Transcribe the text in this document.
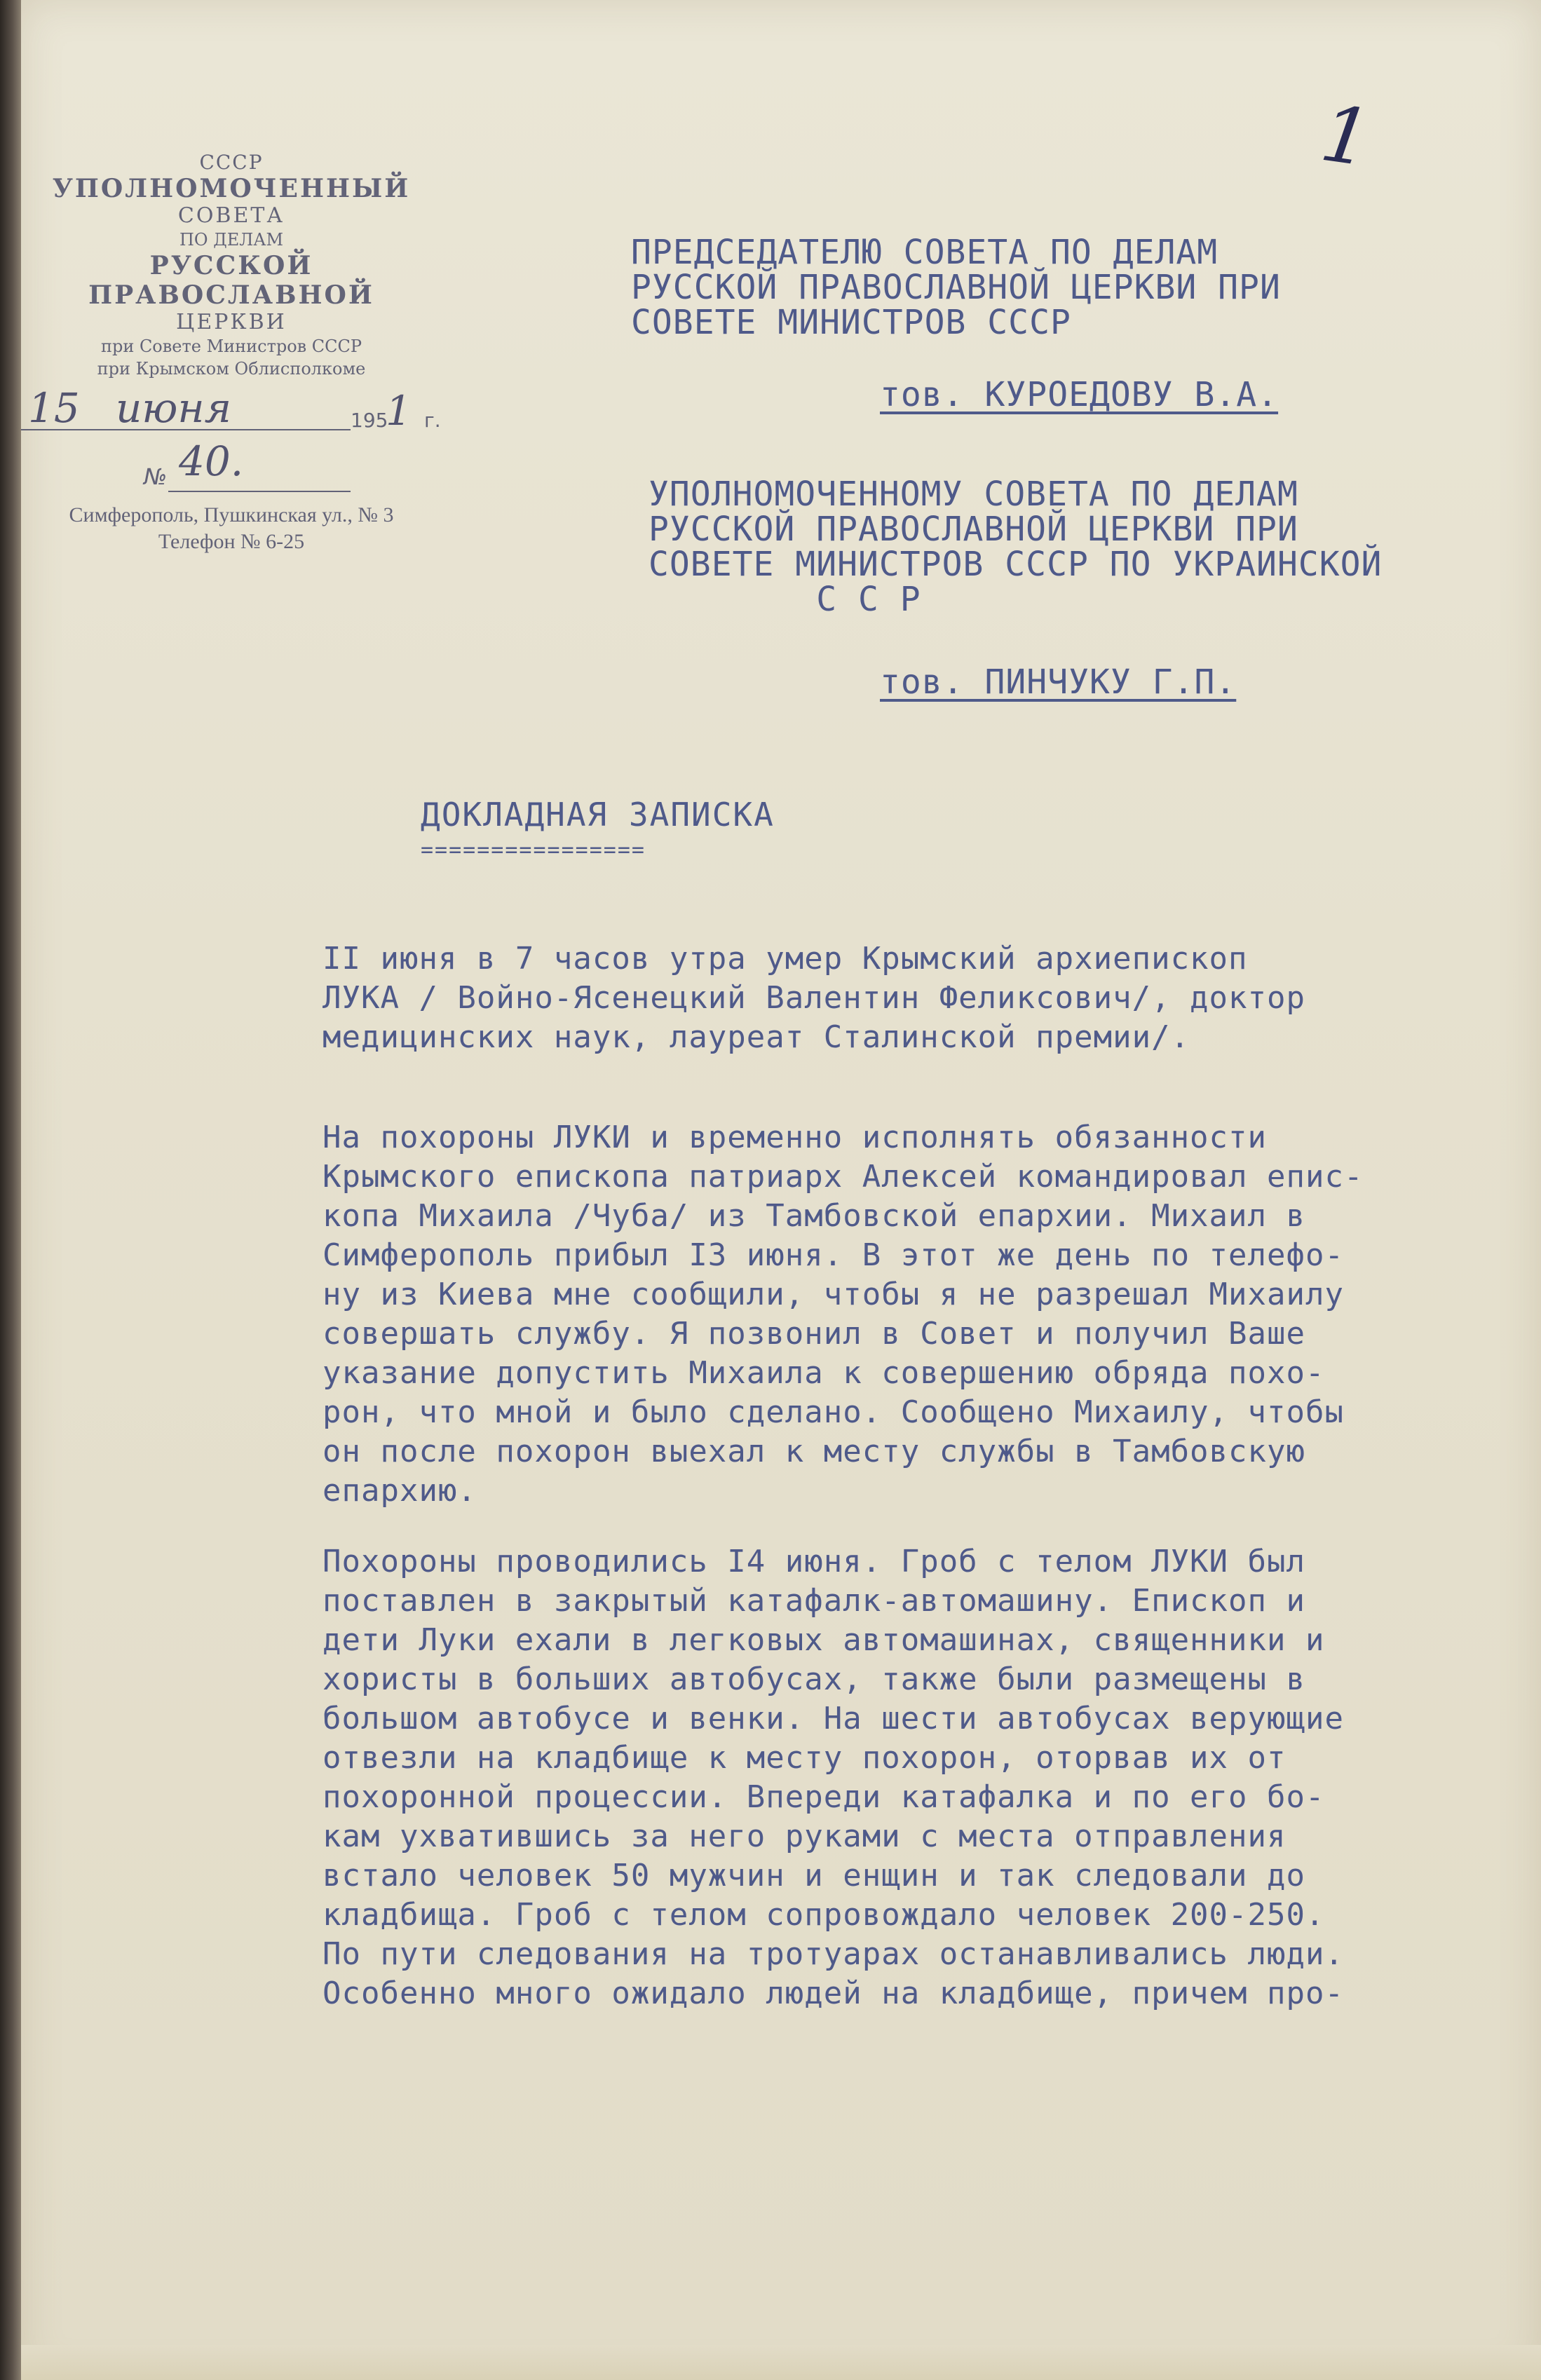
СССР
УПОЛНОМОЧЕННЫЙ
СОВЕТА
ПО ДЕЛАМ
РУССКОЙ ПРАВОСЛАВНОЙ
ЦЕРКВИ
при Совете Министров СССР
при Крымском Облисполкоме
15 июня	195
1 г.
№ 40.
Симферополь, Пушкинская ул., № 3
Телефон № 6-25
1
ПРЕДСЕДАТЕЛЮ СОВЕТА ПО ДЕЛАМ
РУССКОЙ ПРАВОСЛАВНОЙ ЦЕРКВИ ПРИ
СОВЕТЕ МИНИСТРОВ СССР
тов. КУРОЕДОВУ В.А.
УПОЛНОМОЧЕННОМУ СОВЕТА ПО ДЕЛАМ
РУССКОЙ ПРАВОСЛАВНОЙ ЦЕРКВИ ПРИ
СОВЕТЕ МИНИСТРОВ СССР ПО УКРАИНСКОЙ
С С Р
тов. ПИНЧУКУ Г.П.
ДОКЛАДНАЯ ЗАПИСКА
================
II июня в 7 часов утра умер Крымский архиепископ
ЛУКА / Войно-Ясенецкий Валентин Феликсович/, доктор
медицинских наук, лауреат Сталинской премии/.
На похороны ЛУКИ и временно исполнять обязанности
Крымского епископа патриарх Алексей командировал епис-
копа Михаила /Чуба/ из Тамбовской епархии. Михаил в
Симферополь прибыл I3 июня. В этот же день по телефо-
ну из Киева мне сообщили, чтобы я не разрешал Михаилу
совершать службу. Я позвонил в Совет и получил Ваше
указание допустить Михаила к совершению обряда похо-
рон, что мной и было сделано. Сообщено Михаилу, чтобы
он после похорон выехал к месту службы в Тамбовскую
епархию.
Похороны проводились I4 июня. Гроб с телом ЛУКИ был
поставлен в закрытый катафалк-автомашину. Епископ и
дети Луки ехали в легковых автомашинах, священники и
хористы в больших автобусах, также были размещены в
большом автобусе и венки. На шести автобусах верующие
отвезли на кладбище к месту похорон, оторвав их от
похоронной процессии. Впереди катафалка и по его бо-
кам ухватившись за него руками с места отправления
встало человек 50 мужчин и енщин и так следовали до
кладбища. Гроб с телом сопровождало человек 200-250.
По пути следования на тротуарах останавливались люди.
Особенно много ожидало людей на кладбище, причем про-
